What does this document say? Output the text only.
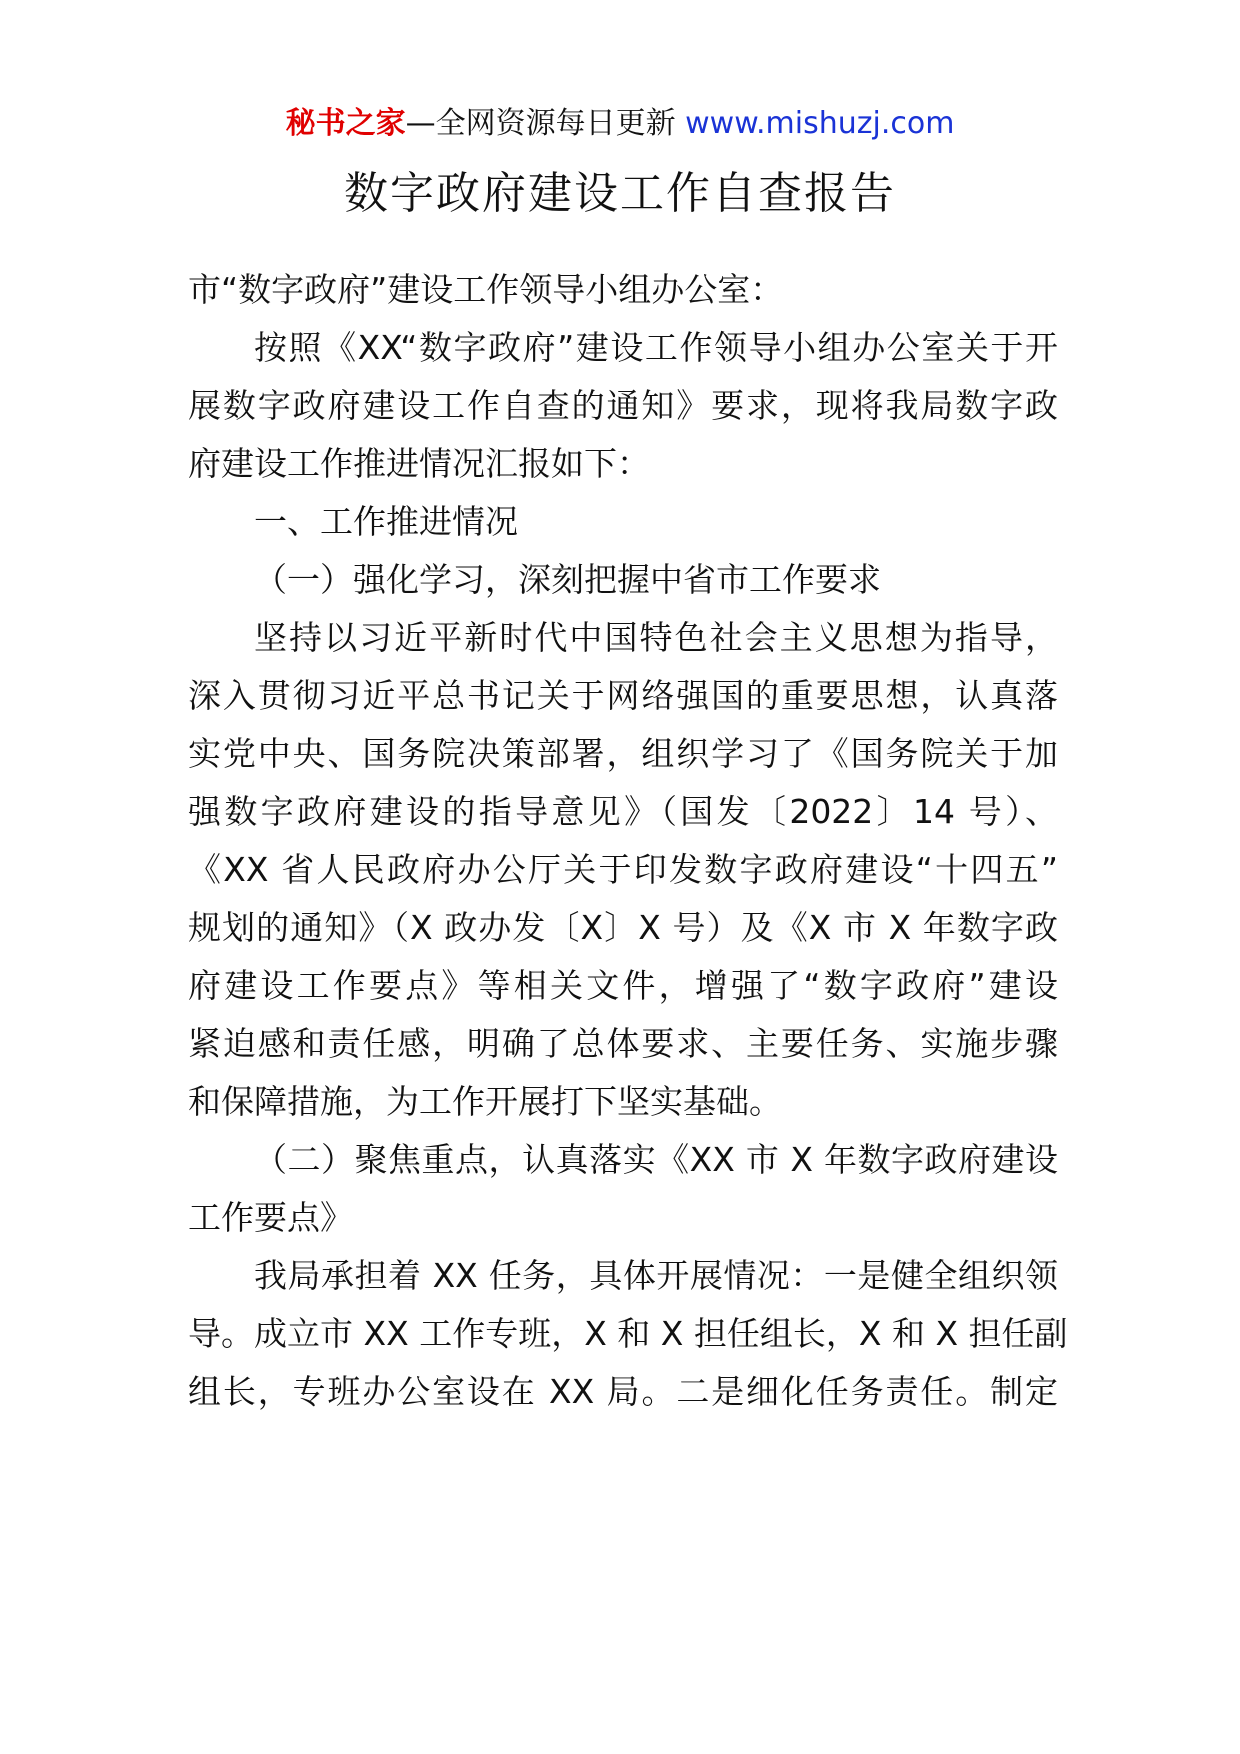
秘书之家—全网资源每日更新 www.mishuzj.com
数字政府建设工作自查报告
市“数字政府”建设工作领导小组办公室：
按照《XX“数字政府”建设工作领导小组办公室关于开
展数字政府建设工作自查的通知》要求，现将我局数字政
府建设工作推进情况汇报如下：
一、工作推进情况
（一）强化学习，深刻把握中省市工作要求
坚持以习近平新时代中国特色社会主义思想为指导，
深入贯彻习近平总书记关于网络强国的重要思想，认真落
实党中央、国务院决策部署，组织学习了《国务院关于加
强数字政府建设的指导意见》（国发〔2022〕14 号）、
《XX 省人民政府办公厅关于印发数字政府建设“十四五”
规划的通知》（X 政办发〔X〕X 号）及《X 市 X 年数字政
府建设工作要点》等相关文件，增强了“数字政府”建设
紧迫感和责任感，明确了总体要求、主要任务、实施步骤
和保障措施，为工作开展打下坚实基础。
（二）聚焦重点，认真落实《XX 市 X 年数字政府建设
工作要点》
我局承担着 XX 任务，具体开展情况：一是健全组织领
导。成立市 XX 工作专班，X 和 X 担任组长，X 和 X 担任副
组长，专班办公室设在 XX 局。二是细化任务责任。制定
